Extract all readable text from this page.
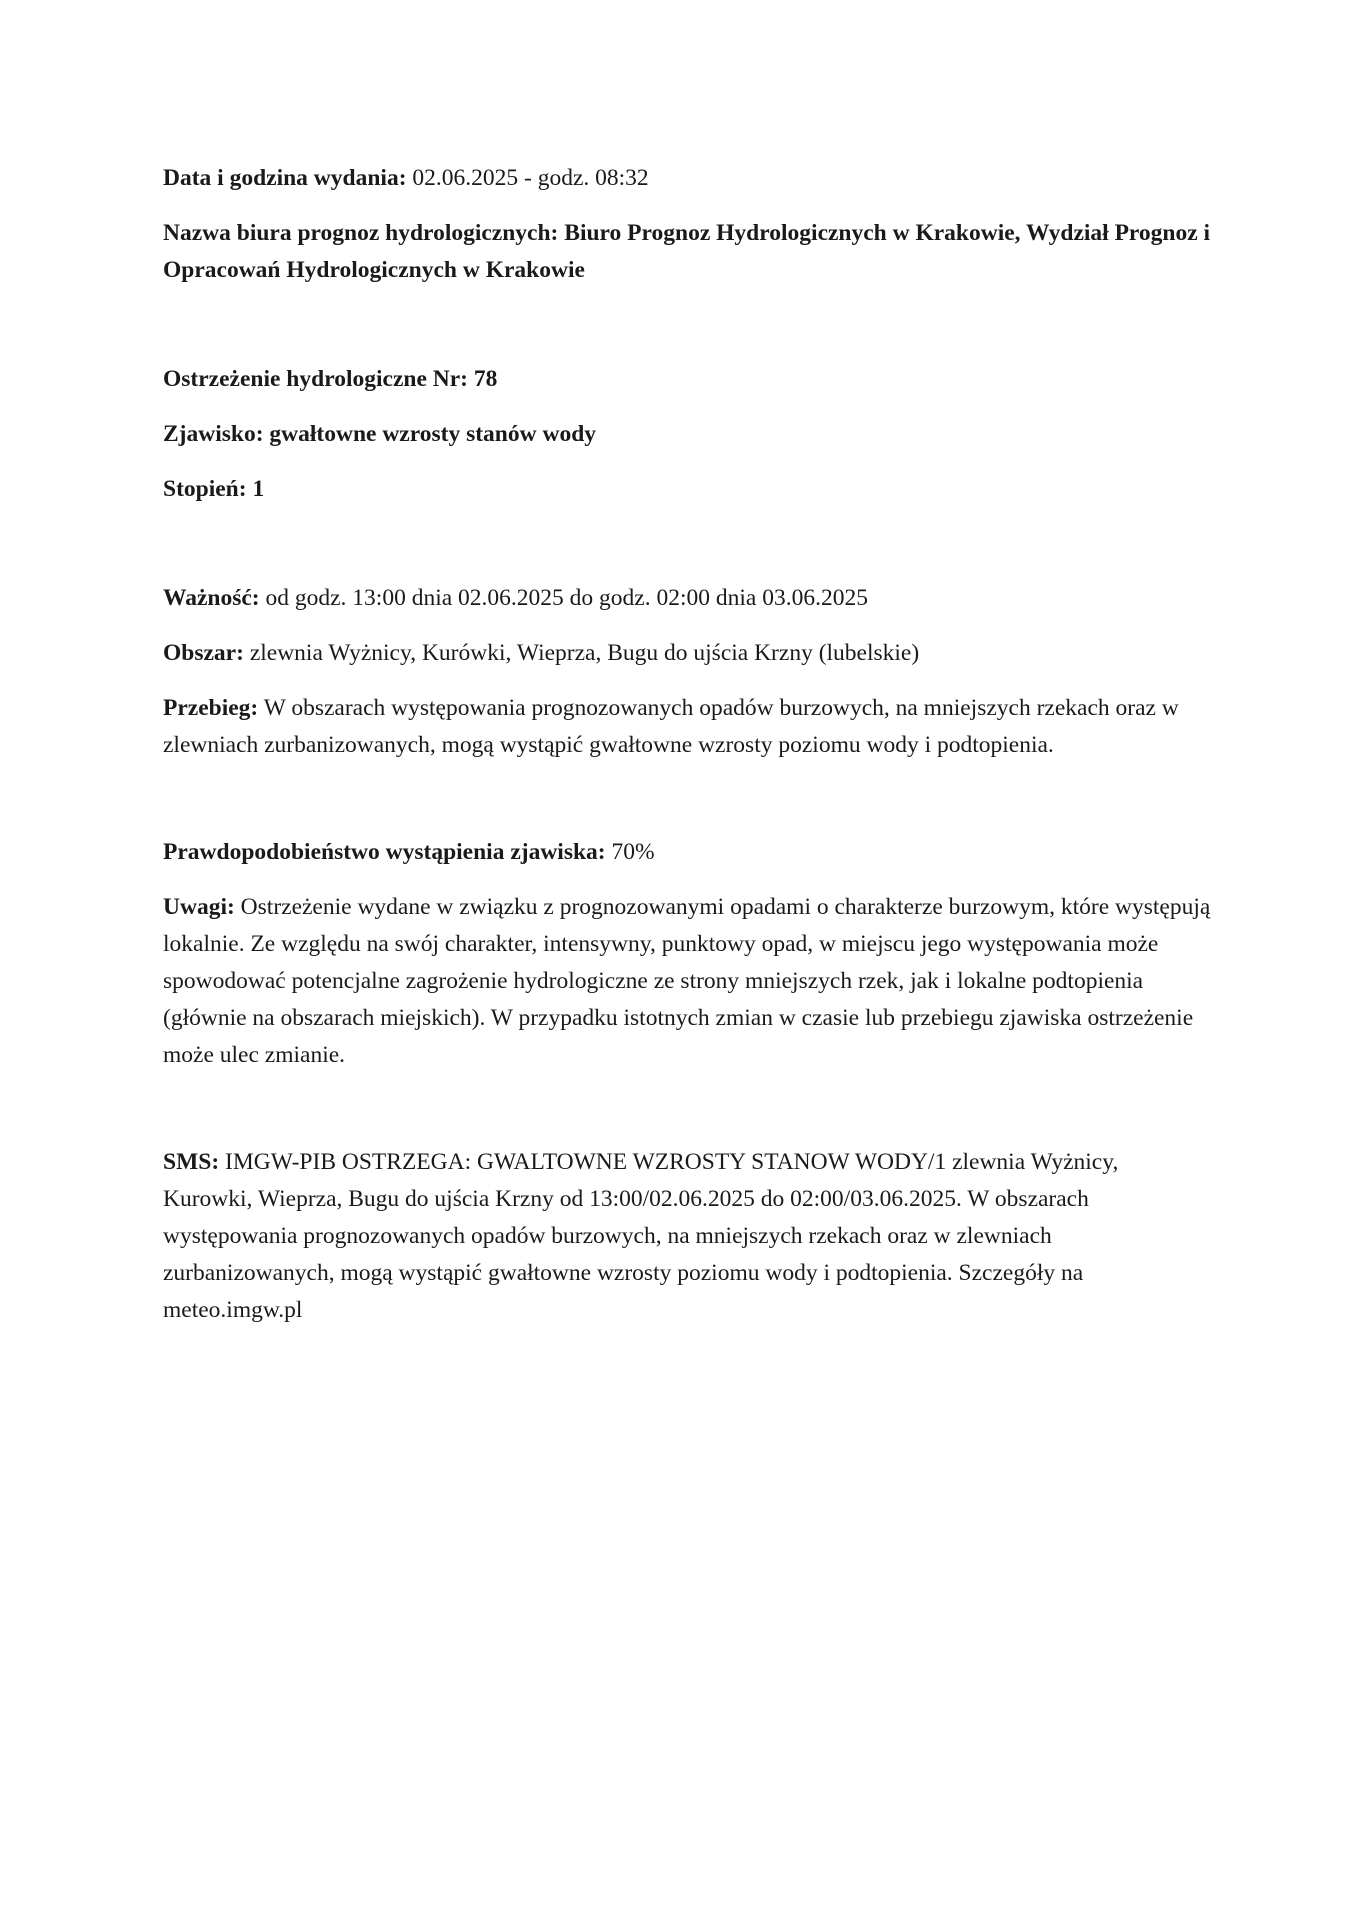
Data i godzina wydania: 02.06.2025 - godz. 08:32

Nazwa biura prognoz hydrologicznych: Biuro Prognoz Hydrologicznych w Krakowie, Wydział Prognoz i Opracowań Hydrologicznych w Krakowie

Ostrzeżenie hydrologiczne Nr: 78

Zjawisko: gwałtowne wzrosty stanów wody

Stopień: 1

Ważność: od godz. 13:00 dnia 02.06.2025 do godz. 02:00 dnia 03.06.2025

Obszar: zlewnia Wyżnicy, Kurówki, Wieprza, Bugu do ujścia Krzny (lubelskie)

Przebieg: W obszarach występowania prognozowanych opadów burzowych, na mniejszych rzekach oraz w zlewniach zurbanizowanych, mogą wystąpić gwałtowne wzrosty poziomu wody i podtopienia.

Prawdopodobieństwo wystąpienia zjawiska: 70%

Uwagi: Ostrzeżenie wydane w związku z prognozowanymi opadami o charakterze burzowym, które występują lokalnie. Ze względu na swój charakter, intensywny, punktowy opad, w miejscu jego występowania może spowodować potencjalne zagrożenie hydrologiczne ze strony mniejszych rzek, jak i lokalne podtopienia (głównie na obszarach miejskich). W przypadku istotnych zmian w czasie lub przebiegu zjawiska ostrzeżenie może ulec zmianie.

SMS: IMGW-PIB OSTRZEGA: GWALTOWNE WZROSTY STANOW WODY/1 zlewnia Wyżnicy, Kurowki, Wieprza, Bugu do ujścia Krzny od 13:00/02.06.2025 do 02:00/03.06.2025. W obszarach występowania prognozowanych opadów burzowych, na mniejszych rzekach oraz w zlewniach zurbanizowanych, mogą wystąpić gwałtowne wzrosty poziomu wody i podtopienia. Szczegóły na meteo.imgw.pl
